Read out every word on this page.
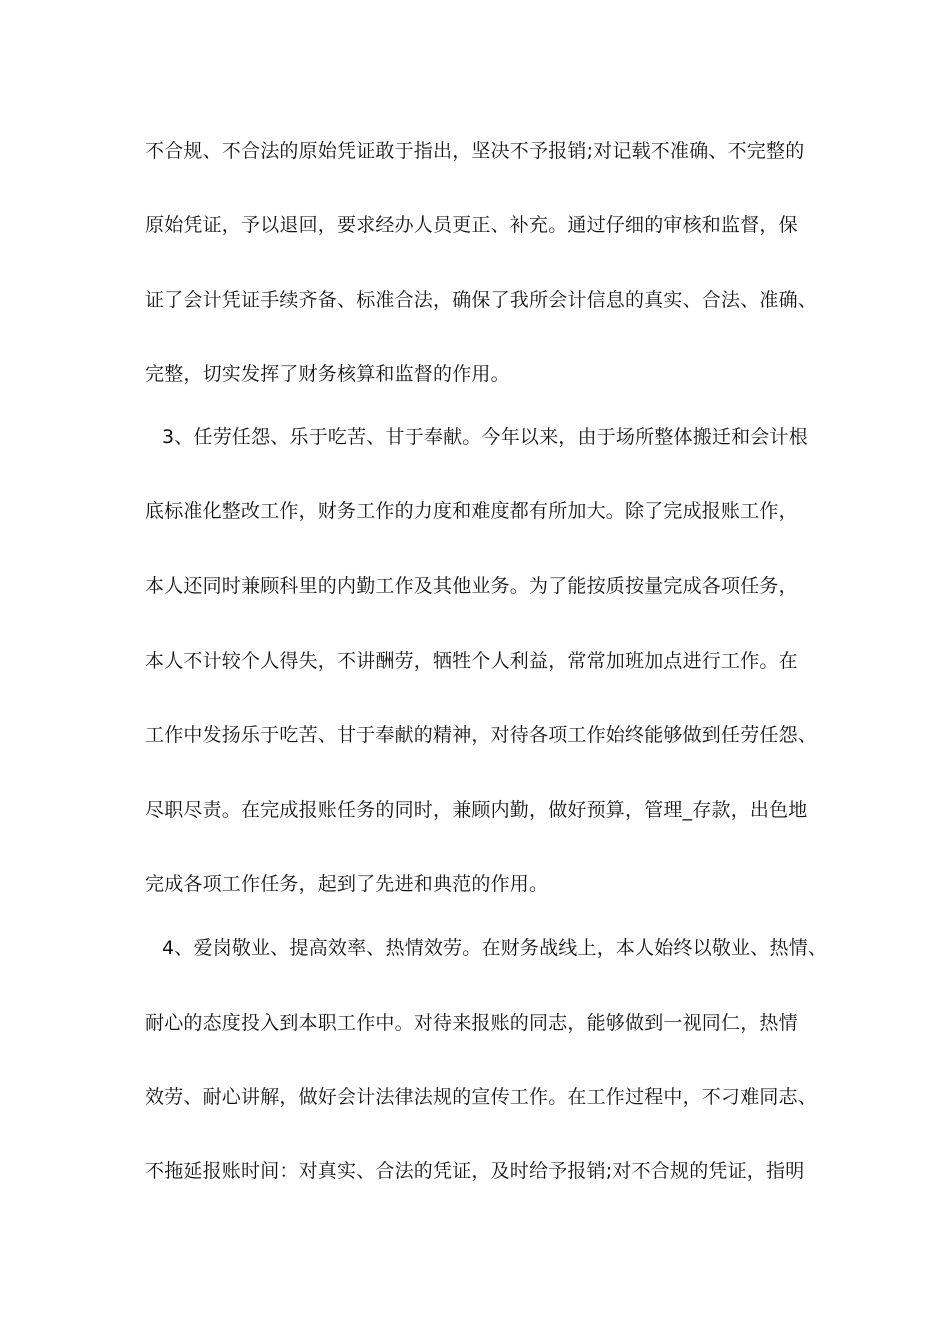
不合规、不合法的原始凭证敢于指出，坚决不予报销;对记载不准确、不完整的
原始凭证，予以退回，要求经办人员更正、补充。通过仔细的审核和监督，保
证了会计凭证手续齐备、标准合法，确保了我所会计信息的真实、合法、准确、
完整，切实发挥了财务核算和监督的作用。
3、任劳任怨、乐于吃苦、甘于奉献。今年以来，由于场所整体搬迁和会计根
底标准化整改工作，财务工作的力度和难度都有所加大。除了完成报账工作，
本人还同时兼顾科里的内勤工作及其他业务。为了能按质按量完成各项任务，
本人不计较个人得失，不讲酬劳，牺牲个人利益，常常加班加点进行工作。在
工作中发扬乐于吃苦、甘于奉献的精神，对待各项工作始终能够做到任劳任怨、
尽职尽责。在完成报账任务的同时，兼顾内勤，做好预算，管理_存款，出色地
完成各项工作任务，起到了先进和典范的作用。
4、爱岗敬业、提高效率、热情效劳。在财务战线上，本人始终以敬业、热情、
耐心的态度投入到本职工作中。对待来报账的同志，能够做到一视同仁，热情
效劳、耐心讲解，做好会计法律法规的宣传工作。在工作过程中，不刁难同志、
不拖延报账时间：对真实、合法的凭证，及时给予报销;对不合规的凭证，指明
